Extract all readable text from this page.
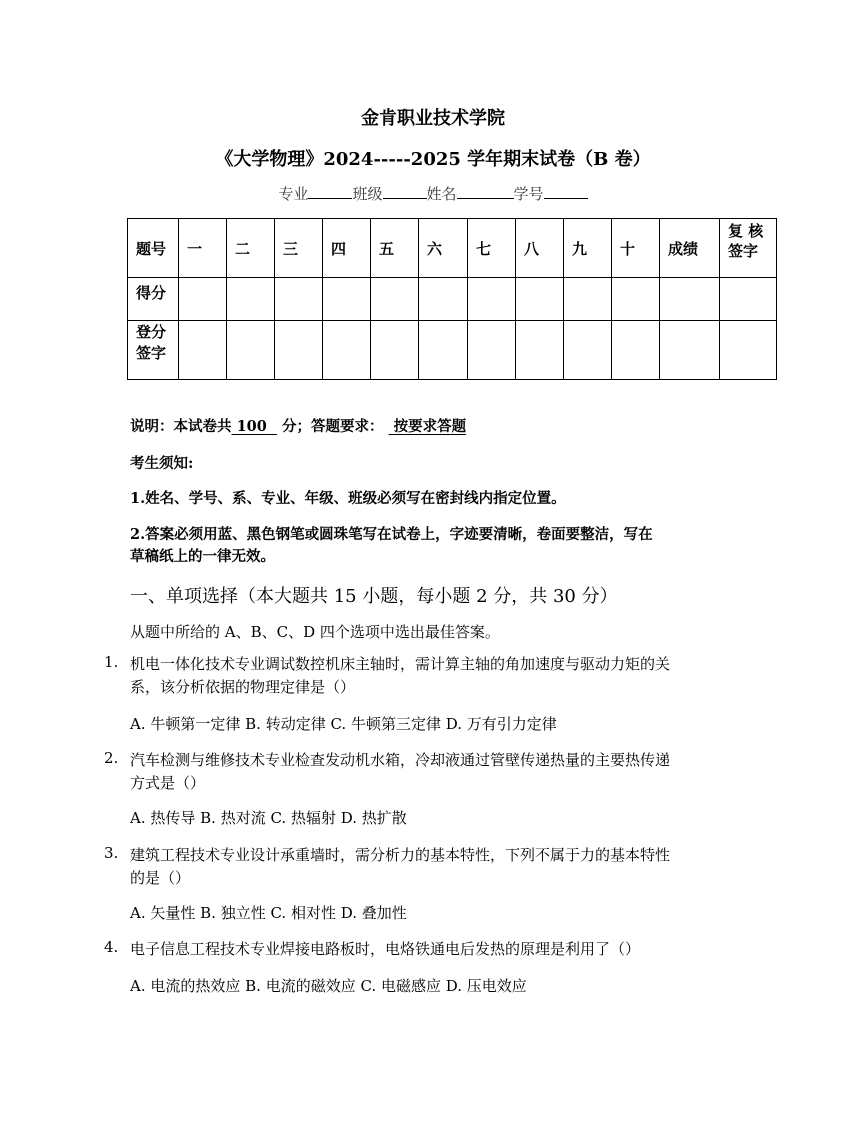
金肯职业技术学院
《大学物理》2024-----2025 学年期末试卷（B 卷）
专业	班级	姓名	学号
题号	一	二	三	四	五	六	七	八	九	十	成绩	复 核 签字
得分												
登分签字												
说明：本试卷共 100 分；答题要求： 按要求答题
考生须知:
1.姓名、学号、系、专业、年级、班级必须写在密封线内指定位置。
2.答案必须用蓝、黑色钢笔或圆珠笔写在试卷上，字迹要清晰，卷面要整洁，写在
草稿纸上的一律无效。
一、单项选择（本大题共 15 小题，每小题 2 分，共 30 分）
从题中所给的 A、B、C、D 四个选项中选出最佳答案。
1. 机电一体化技术专业调试数控机床主轴时，需计算主轴的角加速度与驱动力矩的关
系，该分析依据的物理定律是（）
A. 牛顿第一定律 B. 转动定律 C. 牛顿第三定律 D. 万有引力定律
2. 汽车检测与维修技术专业检查发动机水箱，冷却液通过管壁传递热量的主要热传递
方式是（）
A. 热传导 B. 热对流 C. 热辐射 D. 热扩散
3. 建筑工程技术专业设计承重墙时，需分析力的基本特性，下列不属于力的基本特性
的是（）
A. 矢量性 B. 独立性 C. 相对性 D. 叠加性
4. 电子信息工程技术专业焊接电路板时，电烙铁通电后发热的原理是利用了（）
A. 电流的热效应 B. 电流的磁效应 C. 电磁感应 D. 压电效应
